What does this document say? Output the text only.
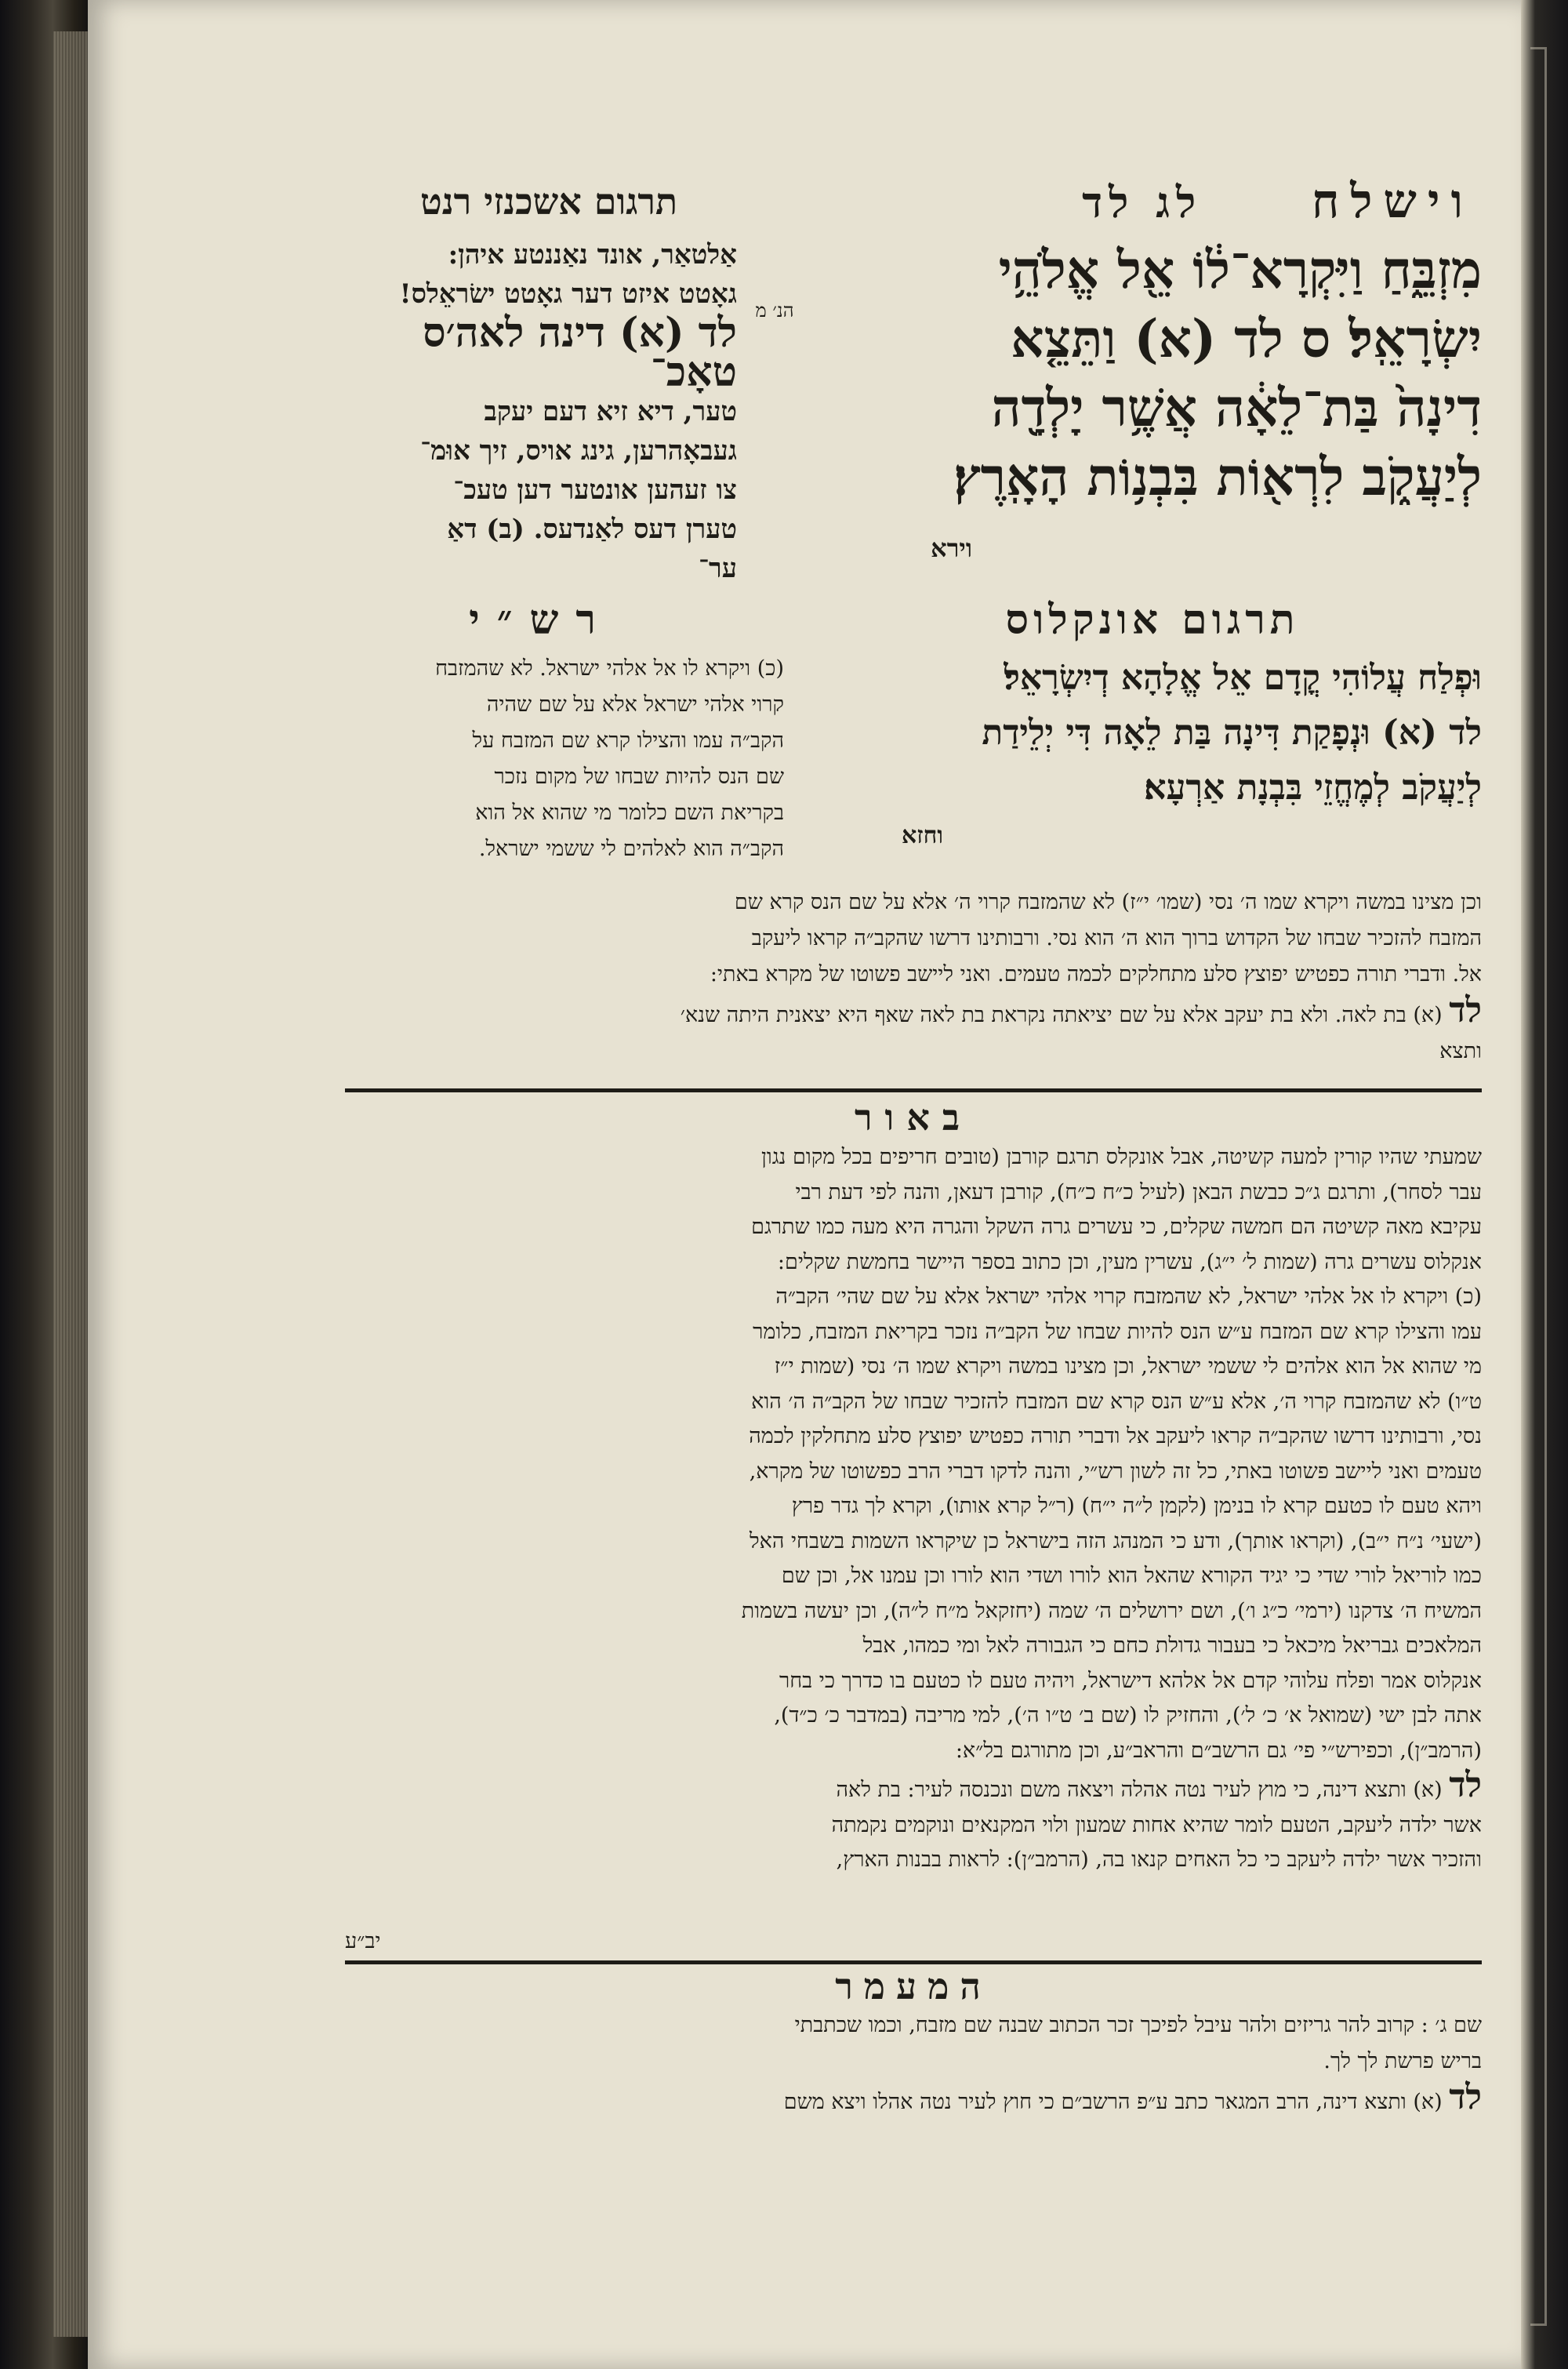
וישלח    לג לד
תרגום אשכנזי רנט

מִזְבֵּ֑חַ וַיִּקְרָא־ל֔וֹ אֵ֖ל אֱלֹהֵ֥י

יִשְׂרָאֵֽל׃ ס לד (א) וַתֵּצֵ֤א

דִינָה֙ בַּת־לֵאָ֔ה אֲשֶׁ֥ר יָלְדָ֖ה

לְיַעֲקֹ֑ב לִרְא֖וֹת בִּבְנ֥וֹת הָאָֽרֶץ׃

וירא
הנ׳ מ

אַלטאַר, אונד נאַננטע איהן:

גאָטט איזט דער גאָטט ישׂראֵלס!

לד (א) דינה לאה׳ס טאָכ־

טער, דיא זיא דעם יעקב

געבאָהרען, גינג אויס, זיך אוּמ־

צו זעהען אונטער דען טעכ־

טערן דעס לאַנדעס. (ב) דאַ

ער־

תרגום אונקלוס

וּפְלַח עֲלוֹהִי קֳדָם אֵל אֱלָהָא דְיִשְׂרָאֵל׃

לד (א) וּנְפָקַת דִּינָה בַּת לֵאָה דִּי יְלֵידַת

לְיַעֲקֹב לְמֶחֱזֵי בִּבְנָת אַרְעָא׃

וחזא
רש״י

(כ) ויקרא לו אל אלהי ישראל. לא שהמזבח

קרוי אלהי ישראל אלא על שם שהיה

הקב״ה עמו והצילו קרא שם המזבח על

שם הנס להיות שבחו של מקום נזכר

בקריאת השם כלומר מי שהוא אל הוא

הקב״ה הוא לאלהים לי ששמי ישראל.

וכן מצינו במשה ויקרא שמו ה׳ נסי (שמו׳ י״ז) לא שהמזבח קרוי ה׳ אלא על שם הנס קרא שם

המזבח להזכיר שבחו של הקדוש ברוך הוא ה׳ הוא נסי. ורבותינו דרשו שהקב״ה קראו ליעקב

אל. ודברי תורה כפטיש יפוצץ סלע מתחלקים לכמה טעמים. ואני ליישב פשוטו של מקרא באתי:

לד (א) בת לאה. ולא בת יעקב אלא על שם יציאתה נקראת בת לאה שאף היא יצאנית היתה שנא׳

ותצא

באור

שמעתי שהיו קורין למעה קשיטה, אבל אונקלס תרגם קורבן (טובים חריפים בכל מקום נגון

עבר לסחר), ותרגם ג״כ כבשת הבאן (לעיל כ״ח כ״ח), קורבן דעאן, והנה לפי דעת רבי

עקיבא מאה קשיטה הם חמשה שקלים, כי עשרים גרה השקל והגרה היא מעה כמו שתרגם

אנקלוס עשרים גרה (שמות ל׳ י״ג), עשרין מעין, וכן כתוב בספר היישר בחמשת שקלים:

(כ) ויקרא לו אל אלהי ישראל, לא שהמזבח קרוי אלהי ישראל אלא על שם שהי׳ הקב״ה

עמו והצילו קרא שם המזבח ע״ש הנס להיות שבחו של הקב״ה נזכר בקריאת המזבח, כלומר

מי שהוא אל הוא אלהים לי ששמי ישראל, וכן מצינו במשה ויקרא שמו ה׳ נסי (שמות י״ז

ט״ו) לא שהמזבח קרוי ה׳, אלא ע״ש הנס קרא שם המזבח להזכיר שבחו של הקב״ה ה׳ הוא

נסי, ורבותינו דרשו שהקב״ה קראו ליעקב אל ודברי תורה כפטיש יפוצץ סלע מתחלקין לכמה

טעמים ואני ליישב פשוטו באתי, כל זה לשון רש״י, והנה לדקו דברי הרב כפשוטו של מקרא,

ויהא טעם לו כטעם קרא לו בנימן (לקמן ל״ה י״ח) (ר״ל קרא אותו), וקרא לך גדר פרץ

(ישעי׳ נ״ח י״ב), (וקראו אותך), ודע כי המנהג הזה בישראל כן שיקראו השמות בשבחי האל

כמו לוריאל לורי שדי כי יגיד הקורא שהאל הוא לורו ושדי הוא לורו וכן עמנו אל, וכן שם

המשיח ה׳ צדקנו (ירמי׳ כ״ג ו׳), ושם ירושלים ה׳ שמה (יחזקאל מ״ח ל״ה), וכן יעשה בשמות

המלאכים גבריאל מיכאל כי בעבור גדולת כחם כי הגבורה לאל ומי כמהו, אבל

אנקלוס אמר ופלח עלוהי קדם אל אלהא דישראל, ויהיה טעם לו כטעם בו כדרך כי בחר

אתה לבן ישי (שמואל א׳ כ׳ ל׳), והחזיק לו (שם ב׳ ט״ו ה׳), למי מריבה (במדבר כ׳ כ״ד),

(הרמב״ן), וכפירש״י פי׳ גם הרשב״ם והראב״ע, וכן מתורגם בל״א:

לד (א) ותצא דינה, כי מוץ לעיר נטה אהלה ויצאה משם ונכנסה לעיר: בת לאה

אשר ילדה ליעקב, הטעם לומר שהיא אחות שמעון ולוי המקנאים ונוקמים נקמתה

והזכיר אשר ילדה ליעקב כי כל האחים קנאו בה, (הרמב״ן): לראות בבנות הארץ,

יב״ע
המעמר

שם ג׳ : קרוב להר גריזים ולהר עיבל לפיכך זכר הכתוב שבנה שם מזבח, וכמו שכתבתי

בריש פרשת לך לך.

לד (א) ותצא דינה, הרב המגאר כתב ע״פ הרשב״ם כי חוץ לעיר נטה אהלו ויצא משם
